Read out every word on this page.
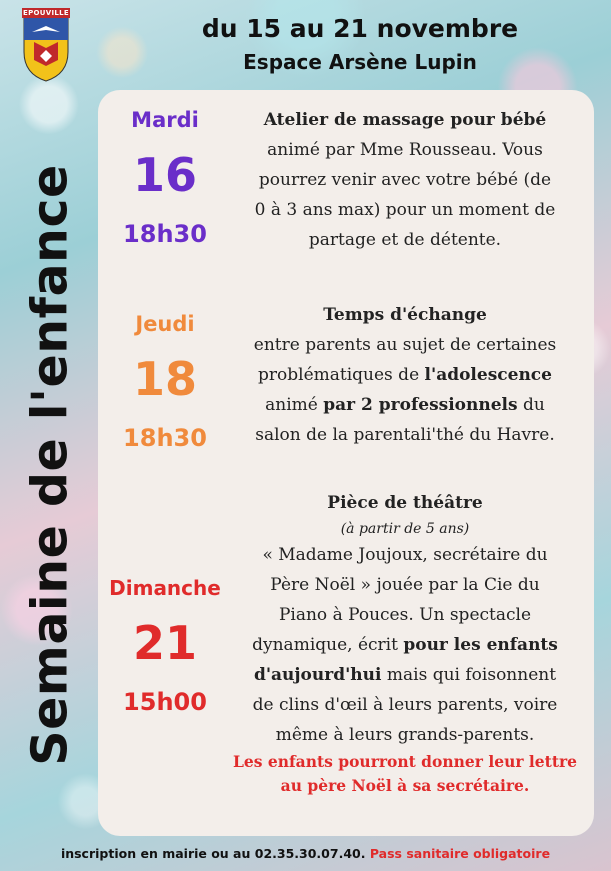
EPOUVILLE
du 15 au 21 novembre
Espace Arsène Lupin
Semaine de l'enfance
Mardi
16
18h30
Atelier de massage pour bébé
animé par Mme Rousseau. Vous
pourrez venir avec votre bébé (de
0 à 3 ans max) pour un moment de
partage et de détente.
Jeudi
18
18h30
Temps d'échange
entre parents au sujet de certaines
problématiques de l'adolescence
animé par 2 professionnels du
salon de la parentali'thé du Havre.
Dimanche
21
15h00
Pièce de théâtre
(à partir de 5 ans)
« Madame Joujoux, secrétaire du
Père Noël » jouée par la Cie du
Piano à Pouces. Un spectacle
dynamique, écrit pour les enfants
d'aujourd'hui mais qui foisonnent
de clins d'œil à leurs parents, voire
même à leurs grands-parents.
Les enfants pourront donner leur lettre
au père Noël à sa secrétaire.
inscription en mairie ou au 02.35.30.07.40. Pass sanitaire obligatoire
